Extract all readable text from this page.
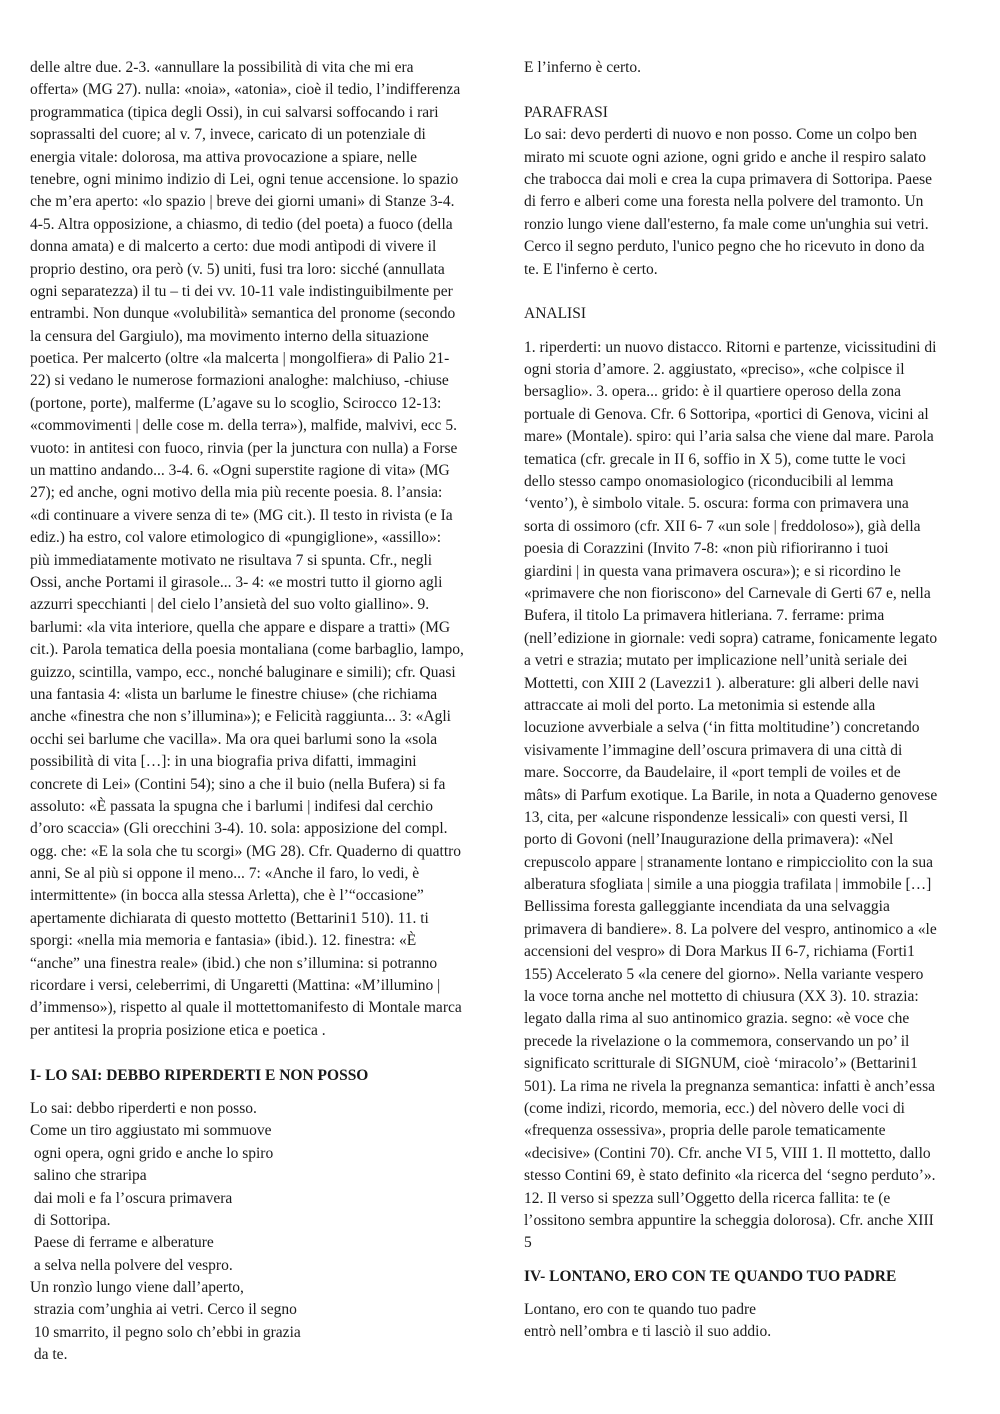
delle altre due. 2-3. «annullare la possibilità di vita che mi era
offerta» (MG 27). nulla: «noia», «atonia», cioè il tedio, l’indifferenza
programmatica (tipica degli Ossi), in cui salvarsi soffocando i rari
soprassalti del cuore; al v. 7, invece, caricato di un potenziale di
energia vitale: dolorosa, ma attiva provocazione a spiare, nelle
tenebre, ogni minimo indizio di Lei, ogni tenue accensione. lo spazio
che m’era aperto: «lo spazio | breve dei giorni umani» di Stanze 3-4.
4-5. Altra opposizione, a chiasmo, di tedio (del poeta) a fuoco (della
donna amata) e di malcerto a certo: due modi antìpodi di vivere il
proprio destino, ora però (v. 5) uniti, fusi tra loro: sicché (annullata
ogni separatezza) il tu – ti dei vv. 10-11 vale indistinguibilmente per
entrambi. Non dunque «volubilità» semantica del pronome (secondo
la censura del Gargiulo), ma movimento interno della situazione
poetica. Per malcerto (oltre «la malcerta | mongolfiera» di Palio 21-
22) si vedano le numerose formazioni analoghe: malchiuso, -chiuse
(portone, porte), malferme (L’agave su lo scoglio, Scirocco 12-13:
«commovimenti | delle cose m. della terra»), malfide, malvivi, ecc 5.
vuoto: in antitesi con fuoco, rinvia (per la junctura con nulla) a Forse
un mattino andando... 3-4. 6. «Ogni superstite ragione di vita» (MG
27); ed anche, ogni motivo della mia più recente poesia. 8. l’ansia:
«di continuare a vivere senza di te» (MG cit.). Il testo in rivista (e Ia
ediz.) ha estro, col valore etimologico di «pungiglione», «assillo»:
più immediatamente motivato ne risultava 7 si spunta. Cfr., negli
Ossi, anche Portami il girasole... 3- 4: «e mostri tutto il giorno agli
azzurri specchianti | del cielo l’ansietà del suo volto giallino». 9.
barlumi: «la vita interiore, quella che appare e dispare a tratti» (MG
cit.). Parola tematica della poesia montaliana (come barbaglio, lampo,
guizzo, scintilla, vampo, ecc., nonché baluginare e simili); cfr. Quasi
una fantasia 4: «lista un barlume le finestre chiuse» (che richiama
anche «finestra che non s’illumina»); e Felicità raggiunta... 3: «Agli
occhi sei barlume che vacilla». Ma ora quei barlumi sono la «sola
possibilità di vita […]: in una biografia priva difatti, immagini
concrete di Lei» (Contini 54); sino a che il buio (nella Bufera) si fa
assoluto: «È passata la spugna che i barlumi | indifesi dal cerchio
d’oro scaccia» (Gli orecchini 3-4). 10. sola: apposizione del compl.
ogg. che: «E la sola che tu scorgi» (MG 28). Cfr. Quaderno di quattro
anni, Se al più si oppone il meno... 7: «Anche il faro, lo vedi, è
intermittente» (in bocca alla stessa Arletta), che è l’“occasione”
apertamente dichiarata di questo mottetto (Bettarini1 510). 11. ti
sporgi: «nella mia memoria e fantasia» (ibid.). 12. finestra: «È
“anche” una finestra reale» (ibid.) che non s’illumina: si potranno
ricordare i versi, celeberrimi, di Ungaretti (Mattina: «M’illumino |
d’immenso»), rispetto al quale il mottettomanifesto di Montale marca
per antitesi la propria posizione etica e poetica .
I- LO SAI: DEBBO RIPERDERTI E NON POSSO
Lo sai: debbo riperderti e non posso.
Come un tiro aggiustato mi sommuove
ogni opera, ogni grido e anche lo spiro
salino che straripa
dai moli e fa l’oscura primavera
di Sottoripa.
Paese di ferrame e alberature
a selva nella polvere del vespro.
Un ronzìo lungo viene dall’aperto,
strazia com’unghia ai vetri. Cerco il segno
10 smarrito, il pegno solo ch’ebbi in grazia
da te.
E l’inferno è certo.
PARAFRASI
Lo sai: devo perderti di nuovo e non posso. Come un colpo ben
mirato mi scuote ogni azione, ogni grido e anche il respiro salato
che trabocca dai moli e crea la cupa primavera di Sottoripa. Paese
di ferro e alberi come una foresta nella polvere del tramonto. Un
ronzio lungo viene dall'esterno, fa male come un'unghia sui vetri.
Cerco il segno perduto, l'unico pegno che ho ricevuto in dono da
te. E l'inferno è certo.
ANALISI
1. riperderti: un nuovo distacco. Ritorni e partenze, vicissitudini di
ogni storia d’amore. 2. aggiustato, «preciso», «che colpisce il
bersaglio». 3. opera... grido: è il quartiere operoso della zona
portuale di Genova. Cfr. 6 Sottoripa, «portici di Genova, vicini al
mare» (Montale). spiro: qui l’aria salsa che viene dal mare. Parola
tematica (cfr. grecale in II 6, soffio in X 5), come tutte le voci
dello stesso campo onomasiologico (riconducibili al lemma
‘vento’), è simbolo vitale. 5. oscura: forma con primavera una
sorta di ossimoro (cfr. XII 6- 7 «un sole | freddoloso»), già della
poesia di Corazzini (Invito 7-8: «non più rifioriranno i tuoi
giardini | in questa vana primavera oscura»); e si ricordino le
«primavere che non fioriscono» del Carnevale di Gerti 67 e, nella
Bufera, il titolo La primavera hitleriana. 7. ferrame: prima
(nell’edizione in giornale: vedi sopra) catrame, fonicamente legato
a vetri e strazia; mutato per implicazione nell’unità seriale dei
Mottetti, con XIII 2 (Lavezzi1 ). alberature: gli alberi delle navi
attraccate ai moli del porto. La metonimia si estende alla
locuzione avverbiale a selva (‘in fitta moltitudine’) concretando
visivamente l’immagine dell’oscura primavera di una città di
mare. Soccorre, da Baudelaire, il «port templi de voiles et de
mâts» di Parfum exotique. La Barile, in nota a Quaderno genovese
13, cita, per «alcune rispondenze lessicali» con questi versi, Il
porto di Govoni (nell’Inaugurazione della primavera): «Nel
crepuscolo appare | stranamente lontano e rimpicciolito con la sua
alberatura sfogliata | simile a una pioggia trafilata | immobile […]
Bellissima foresta galleggiante incendiata da una selvaggia
primavera di bandiere». 8. La polvere del vespro, antinomico a «le
accensioni del vespro» di Dora Markus II 6-7, richiama (Forti1
155) Accelerato 5 «la cenere del giorno». Nella variante vespero
la voce torna anche nel mottetto di chiusura (XX 3). 10. strazia:
legato dalla rima al suo antinomico grazia. segno: «è voce che
precede la rivelazione o la commemora, conservando un po’ il
significato scritturale di SIGNUM, cioè ‘miracolo’» (Bettarini1
501). La rima ne rivela la pregnanza semantica: infatti è anch’essa
(come indizi, ricordo, memoria, ecc.) del nòvero delle voci di
«frequenza ossessiva», propria delle parole tematicamente
«decisive» (Contini 70). Cfr. anche VI 5, VIII 1. Il mottetto, dallo
stesso Contini 69, è stato definito «la ricerca del ‘segno perduto’».
12. Il verso si spezza sull’Oggetto della ricerca fallita: te (e
l’ossitono sembra appuntire la scheggia dolorosa). Cfr. anche XIII
5
IV- LONTANO, ERO CON TE QUANDO TUO PADRE
Lontano, ero con te quando tuo padre
entrò nell’ombra e ti lasciò il suo addio.
